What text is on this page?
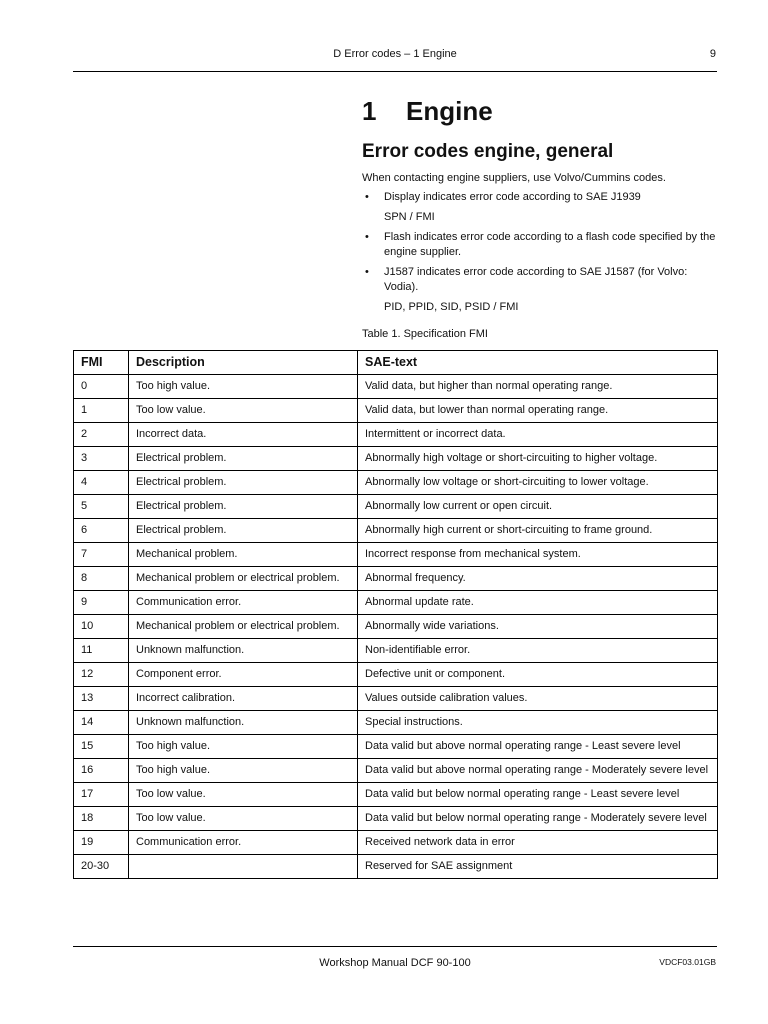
D Error codes – 1 Engine	9
1 Engine
Error codes engine, general
When contacting engine suppliers, use Volvo/Cummins codes.
• Display indicates error code according to SAE J1939
SPN / FMI
• Flash indicates error code according to a flash code specified by the engine supplier.
• J1587 indicates error code according to SAE J1587 (for Volvo: Vodia).
PID, PPID, SID, PSID / FMI
Table 1. Specification FMI
FMI	Description	SAE-text
0	Too high value.	Valid data, but higher than normal operating range.
1	Too low value.	Valid data, but lower than normal operating range.
2	Incorrect data.	Intermittent or incorrect data.
3	Electrical problem.	Abnormally high voltage or short-circuiting to higher voltage.
4	Electrical problem.	Abnormally low voltage or short-circuiting to lower voltage.
5	Electrical problem.	Abnormally low current or open circuit.
6	Electrical problem.	Abnormally high current or short-circuiting to frame ground.
7	Mechanical problem.	Incorrect response from mechanical system.
8	Mechanical problem or electrical problem.	Abnormal frequency.
9	Communication error.	Abnormal update rate.
10	Mechanical problem or electrical problem.	Abnormally wide variations.
11	Unknown malfunction.	Non-identifiable error.
12	Component error.	Defective unit or component.
13	Incorrect calibration.	Values outside calibration values.
14	Unknown malfunction.	Special instructions.
15	Too high value.	Data valid but above normal operating range - Least severe level
16	Too high value.	Data valid but above normal operating range - Moderately severe level
17	Too low value.	Data valid but below normal operating range - Least severe level
18	Too low value.	Data valid but below normal operating range - Moderately severe level
19	Communication error.	Received network data in error
20-30		Reserved for SAE assignment
Workshop Manual DCF 90-100	VDCF03.01GB
